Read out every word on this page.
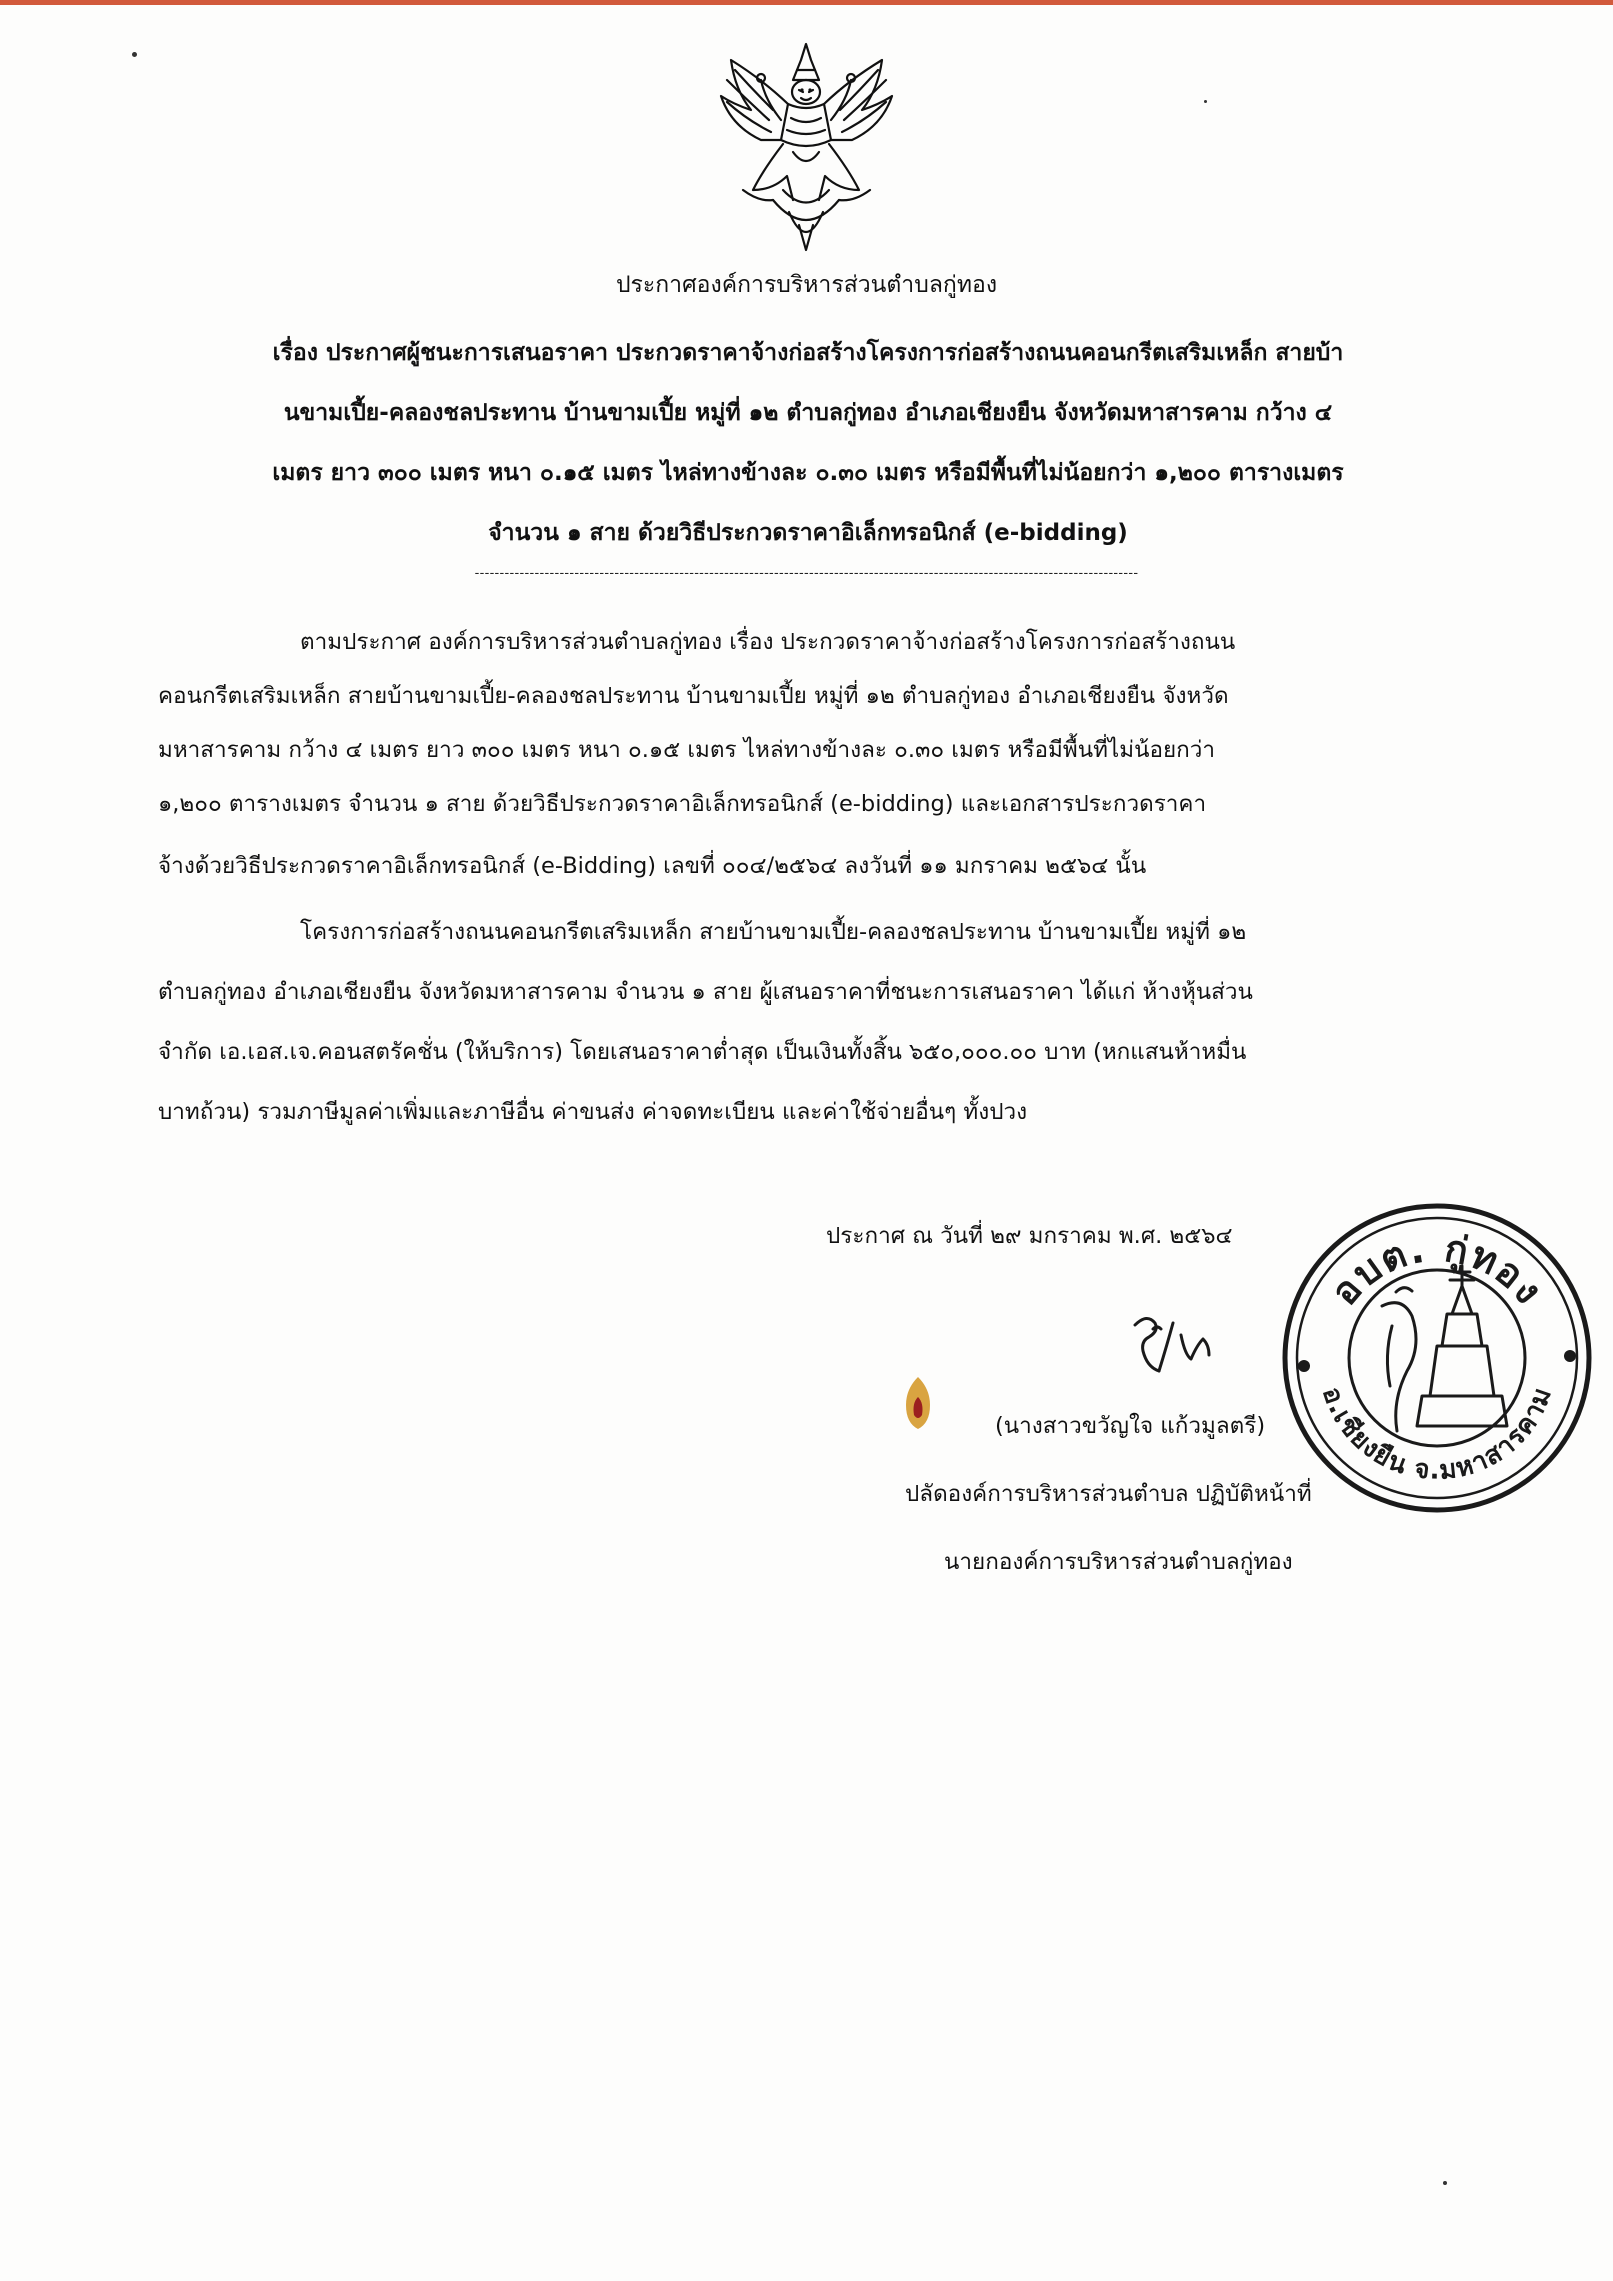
ประกาศองค์การบริหารส่วนตำบลกู่ทอง
เรื่อง ประกาศผู้ชนะการเสนอราคา ประกวดราคาจ้างก่อสร้างโครงการก่อสร้างถนนคอนกรีตเสริมเหล็ก สายบ้า
นขามเปี้ย-คลองชลประทาน บ้านขามเปี้ย หมู่ที่ ๑๒ ตำบลกู่ทอง อำเภอเชียงยืน จังหวัดมหาสารคาม กว้าง ๔
เมตร ยาว ๓๐๐ เมตร หนา ๐.๑๕ เมตร ไหล่ทางข้างละ ๐.๓๐ เมตร หรือมีพื้นที่ไม่น้อยกว่า ๑,๒๐๐ ตารางเมตร
จำนวน ๑ สาย ด้วยวิธีประกวดราคาอิเล็กทรอนิกส์ (e-bidding)
-------------------------------------------------------------------------------------------------------------------------------------
ตามประกาศ องค์การบริหารส่วนตำบลกู่ทอง เรื่อง ประกวดราคาจ้างก่อสร้างโครงการก่อสร้างถนน
คอนกรีตเสริมเหล็ก สายบ้านขามเปี้ย-คลองชลประทาน บ้านขามเปี้ย หมู่ที่ ๑๒ ตำบลกู่ทอง อำเภอเชียงยืน จังหวัด
มหาสารคาม กว้าง ๔ เมตร ยาว ๓๐๐ เมตร หนา ๐.๑๕ เมตร ไหล่ทางข้างละ ๐.๓๐ เมตร หรือมีพื้นที่ไม่น้อยกว่า
๑,๒๐๐ ตารางเมตร จำนวน ๑ สาย ด้วยวิธีประกวดราคาอิเล็กทรอนิกส์ (e-bidding) และเอกสารประกวดราคา
จ้างด้วยวิธีประกวดราคาอิเล็กทรอนิกส์ (e-Bidding) เลขที่ ๐๐๔/๒๕๖๔ ลงวันที่ ๑๑ มกราคม ๒๕๖๔ นั้น
โครงการก่อสร้างถนนคอนกรีตเสริมเหล็ก สายบ้านขามเปี้ย-คลองชลประทาน บ้านขามเปี้ย หมู่ที่ ๑๒
ตำบลกู่ทอง อำเภอเชียงยืน จังหวัดมหาสารคาม จำนวน ๑ สาย ผู้เสนอราคาที่ชนะการเสนอราคา ได้แก่ ห้างหุ้นส่วน
จำกัด เอ.เอส.เจ.คอนสตรัคชั่น (ให้บริการ) โดยเสนอราคาต่ำสุด เป็นเงินทั้งสิ้น ๖๕๐,๐๐๐.๐๐ บาท (หกแสนห้าหมื่น
บาทถ้วน) รวมภาษีมูลค่าเพิ่มและภาษีอื่น ค่าขนส่ง ค่าจดทะเบียน และค่าใช้จ่ายอื่นๆ ทั้งปวง
ประกาศ ณ วันที่ ๒๙ มกราคม พ.ศ. ๒๕๖๔
(นางสาวขวัญใจ แก้วมูลตรี)
ปลัดองค์การบริหารส่วนตำบล ปฏิบัติหน้าที่
นายกองค์การบริหารส่วนตำบลกู่ทอง
อบต. กู่ทอง
อ.เชียงยืน จ.มหาสารคาม
